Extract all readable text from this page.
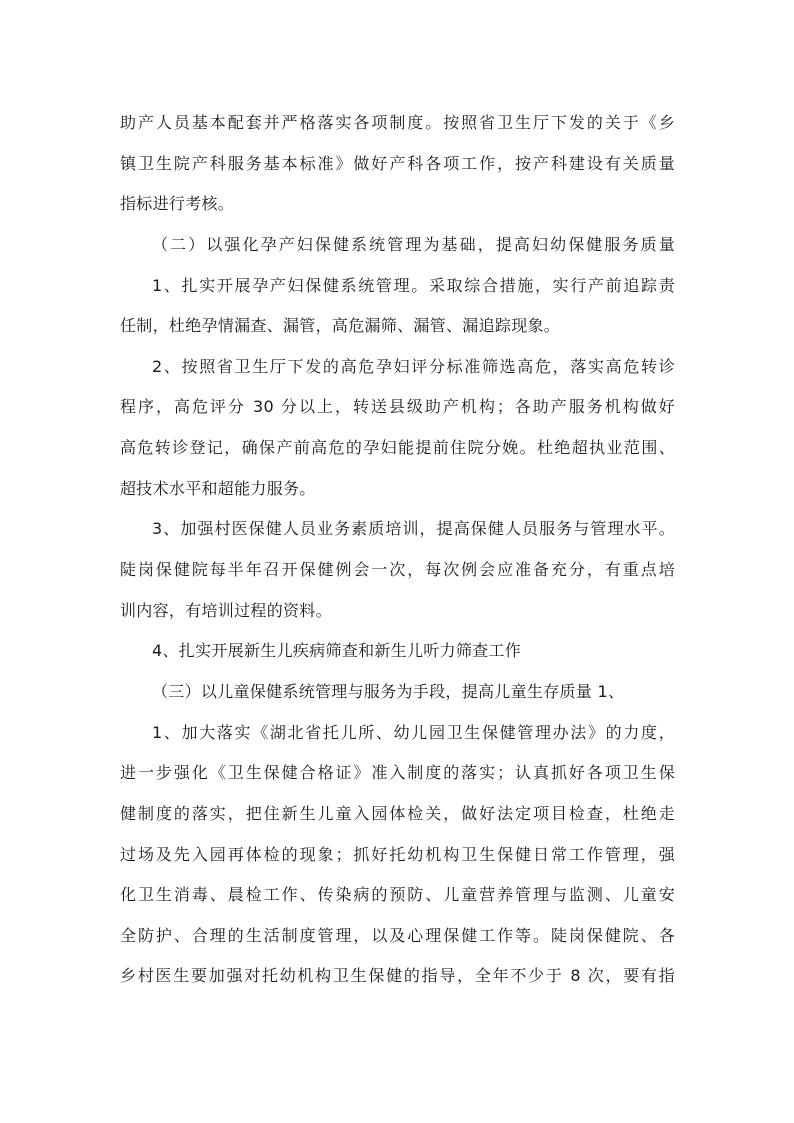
助产人员基本配套并严格落实各项制度。按照省卫生厅下发的关于《乡
镇卫生院产科服务基本标准》做好产科各项工作，按产科建设有关质量
指标进行考核。
（二）以强化孕产妇保健系统管理为基础，提高妇幼保健服务质量
1、扎实开展孕产妇保健系统管理。采取综合措施，实行产前追踪责
任制，杜绝孕情漏查、漏管，高危漏筛、漏管、漏追踪现象。
2、按照省卫生厅下发的高危孕妇评分标准筛选高危，落实高危转诊
程序，高危评分 30 分以上，转送县级助产机构；各助产服务机构做好
高危转诊登记，确保产前高危的孕妇能提前住院分娩。杜绝超执业范围、
超技术水平和超能力服务。
3、加强村医保健人员业务素质培训，提高保健人员服务与管理水平。
陡岗保健院每半年召开保健例会一次，每次例会应准备充分，有重点培
训内容，有培训过程的资料。
4、扎实开展新生儿疾病筛查和新生儿听力筛查工作
（三）以儿童保健系统管理与服务为手段，提高儿童生存质量 1、
1、加大落实《湖北省托儿所、幼儿园卫生保健管理办法》的力度，
进一步强化《卫生保健合格证》准入制度的落实；认真抓好各项卫生保
健制度的落实，把住新生儿童入园体检关，做好法定项目检查，杜绝走
过场及先入园再体检的现象；抓好托幼机构卫生保健日常工作管理，强
化卫生消毒、晨检工作、传染病的预防、儿童营养管理与监测、儿童安
全防护、合理的生活制度管理，以及心理保健工作等。陡岗保健院、各
乡村医生要加强对托幼机构卫生保健的指导，全年不少于 8 次，要有指
